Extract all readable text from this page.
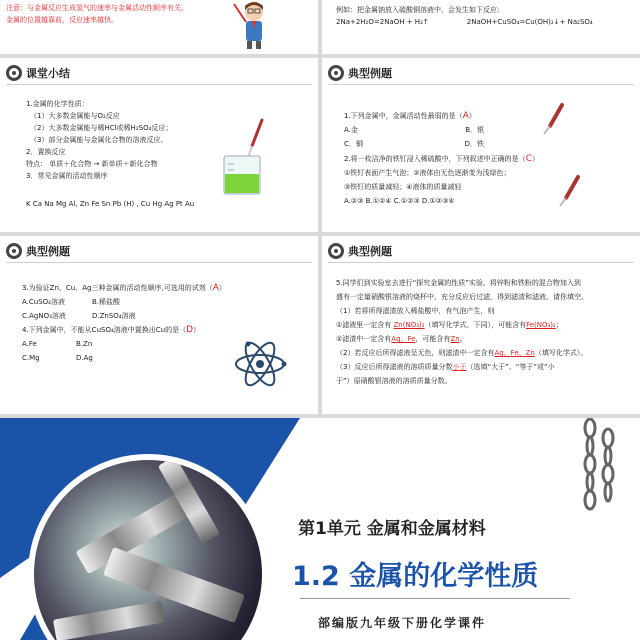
注意：与金属反应生成氢气的速率与金属活动性顺序有关,
金属的位置越靠前，反应速率越快。
例如：把金属钠放入硫酸铜溶液中，会发生如下反应:
2Na+2H₂O=2NaOH + H₂↑	2NaOH+CuSO₄=Cu(OH)₂↓+ Na₂SO₄
课堂小结
1.金属的化学性质：
（1）大多数金属能与O₂反应
（2）大多数金属能与稀HCl或稀H₂SO₄反应；
（3）部分金属能与金属化合物的溶液反应。
2．置换反应
特点： 单质＋化合物 → 新单质＋新化合物
3．常见金属的活动性顺序
K Ca Na Mg Al, Zn Fe Sn Pb (H) , Cu Hg Ag Pt Au
典型例题
1.下列金属中，金属活动性最弱的是（A）
A.金	B．银
C．铜	D．铁
2.将一枚洁净的铁钉浸入稀硫酸中，下列叙述中正确的是（C）
①铁钉表面产生气泡；②液体由无色逐渐变为浅绿色；
③铁钉的质量减轻；④液体的质量减轻
A.②③ B.①②④ C.①②③ D.①②③④
典型例题
3.为验证Zn、Cu、Ag三种金属的活动性顺序,可选用的试剂（A）
A.CuSO₄溶液	B.稀盐酸
C.AgNO₃溶液	D.ZnSO₄溶液
4.下列金属中，不能从CuSO₄溶液中置换出Cu的是（D）
A.Fe	B.Zn
C.Mg	D.Ag
典型例题
5.同学们到实验室去进行“探究金属的性质”实验。将锌粉和铁粉的混合物加入到
盛有一定量硝酸银溶液的烧杯中，充分反应后过滤，得到滤渣和滤液。请你填空。
（1）若将所得滤渣放入稀盐酸中，有气泡产生，则
①滤液里一定含有 Zn(NO₃)₂（填写化学式，下同），可能含有Fe(NO₃)₂；
②滤渣中一定含有Ag、Fe，可能含有Zn。
（2）若反应后所得滤液呈无色，则滤渣中一定含有Ag、Fe、Zn（填写化学式）。
（3）反应后所得滤液的溶质质量分数小于（选填“大于”、“等于”或“小
于”）原硝酸银溶液的溶质质量分数。
第1单元 金属和金属材料
1.2 金属的化学性质
部编版九年级下册化学课件
